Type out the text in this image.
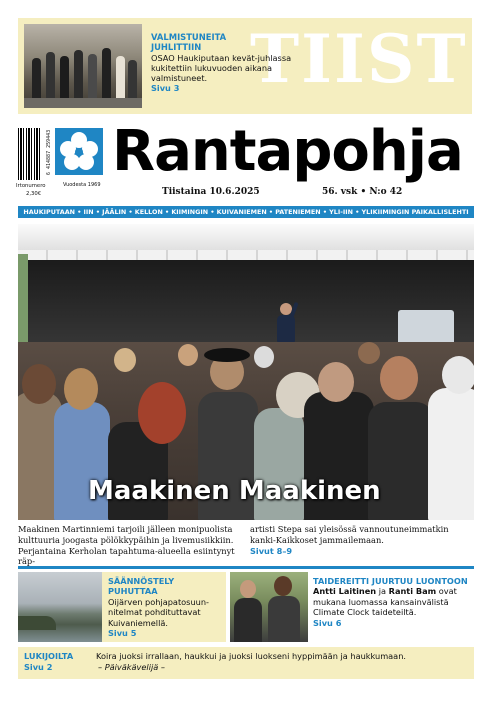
TIIST
VALMISTUNEITA
JUHLITTIIN
OSAO Haukiputaan kevät-juhlassa kukitettiin lukuvuoden aikana valmistuneet.
Sivu 3
6 414887 259443
Irtonumero
2,30€
Vuodesta 1969
Rantapohja
Tiistaina 10.6.2025	56. vsk • N:o 42
HAUKIPUTAAN • IIN • JÄÄLIN • KELLON • KIIMINGIN • KUIVANIEMEN • PATENIEMEN • YLI-IIN • YLIKIIMINGIN PAIKALLISLEHTI
Maakinen Maakinen
Maakinen Martinniemi tarjoili jälleen monipuolista kulttuuria joogasta pölökkypäihin ja livemusiikkiin. Perjantaina Kerholan tapahtuma-alueella esiintynyt räp-
artisti Stepa sai yleisössä vannoutuneimmatkin kanki-Kaikkoset jammailemaan.
Sivut 8–9
SÄÄNNÖSTELY PUHUTTAA
Oijärven pohjapatosuun-nitelmat pohdituttavat Kuivaniemellä.
Sivu 5
TAIDEREITTI JUURTUU LUONTOON
Antti Laitinen ja Ranti Bam ovat mukana luomassa kansainvälistä Climate Clock taideteiltä.
Sivu 6
LUKIJOILTA
Sivu 2
Koira juoksi irrallaan, haukkui ja juoksi luokseni hyppimään ja haukkumaan.
– Päiväkävelijä –
